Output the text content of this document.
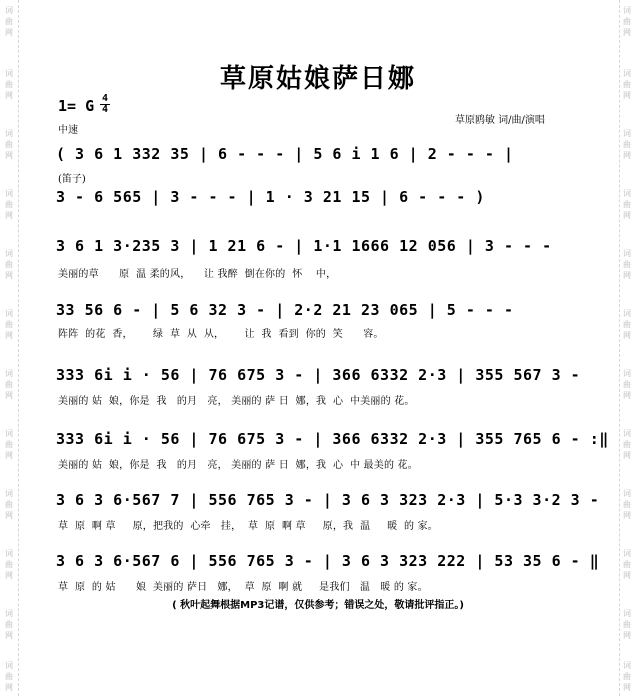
词
曲
网
词
曲
网
词
曲
网
词
曲
网
词
曲
网
词
曲
网
词
曲
网
词
曲
网
词
曲
网
词
曲
网
词
曲
网
词
曲
网
词
曲
网
词
曲
网
词
曲
网
词
曲
网
词
曲
网
词
曲
网
词
曲
网
词
曲
网
词
曲
网
词
曲
网
词
曲
网
词
曲
网
草原姑娘萨日娜
1= G 4
4
中速
草原鸥敏 词/曲/演唱
( 3 6 1 332 35 | 6 - - - | 5 6 i 1 6 | 2 - - - |
(笛子)
3 - 6 565 | 3 - - - | 1 · 3 21 15 | 6 - - - )
3 6 1 3·235 3 | 1 21 6 - | 1·1 1666 12 056 | 3 - - -
美丽的草      原  温 柔的风，    让 我醉  倒在你的  怀    中，
33 56 6 - | 5 6 32 3 - | 2·2 21 23 065 | 5 - - -
阵阵  的花  香，      绿  草  从  从，      让  我  看到  你的  笑      容。
333 6i i · 56 | 76 675 3 - | 366 6332 2·3 | 355 567 3 -
美丽的 姑  娘，你是  我   的月   亮， 美丽的 萨 日  娜，我  心  中美丽的 花。
333 6i i · 56 | 76 675 3 - | 366 6332 2·3 | 355 765 6 - :‖
美丽的 姑  娘，你是  我   的月   亮， 美丽的 萨 日  娜，我  心  中 最美的 花。
3 6 3 6·567 7 | 556 765 3 - | 3 6 3 323 2·3 | 5·3 3·2 3 -
草  原  啊 草     原，把我的  心牵   挂，  草  原  啊 草     原，我  温     暖  的 家。
3 6 3 6·567 6 | 556 765 3 - | 3 6 3 323 222 | 53 35 6 - ‖
草  原  的 姑      娘  美丽的 萨日   娜，  草  原  啊 就     是我们   温   暖 的 家。
( 秋叶起舞根据MP3记谱，仅供参考；错误之处，敬请批评指正。)
